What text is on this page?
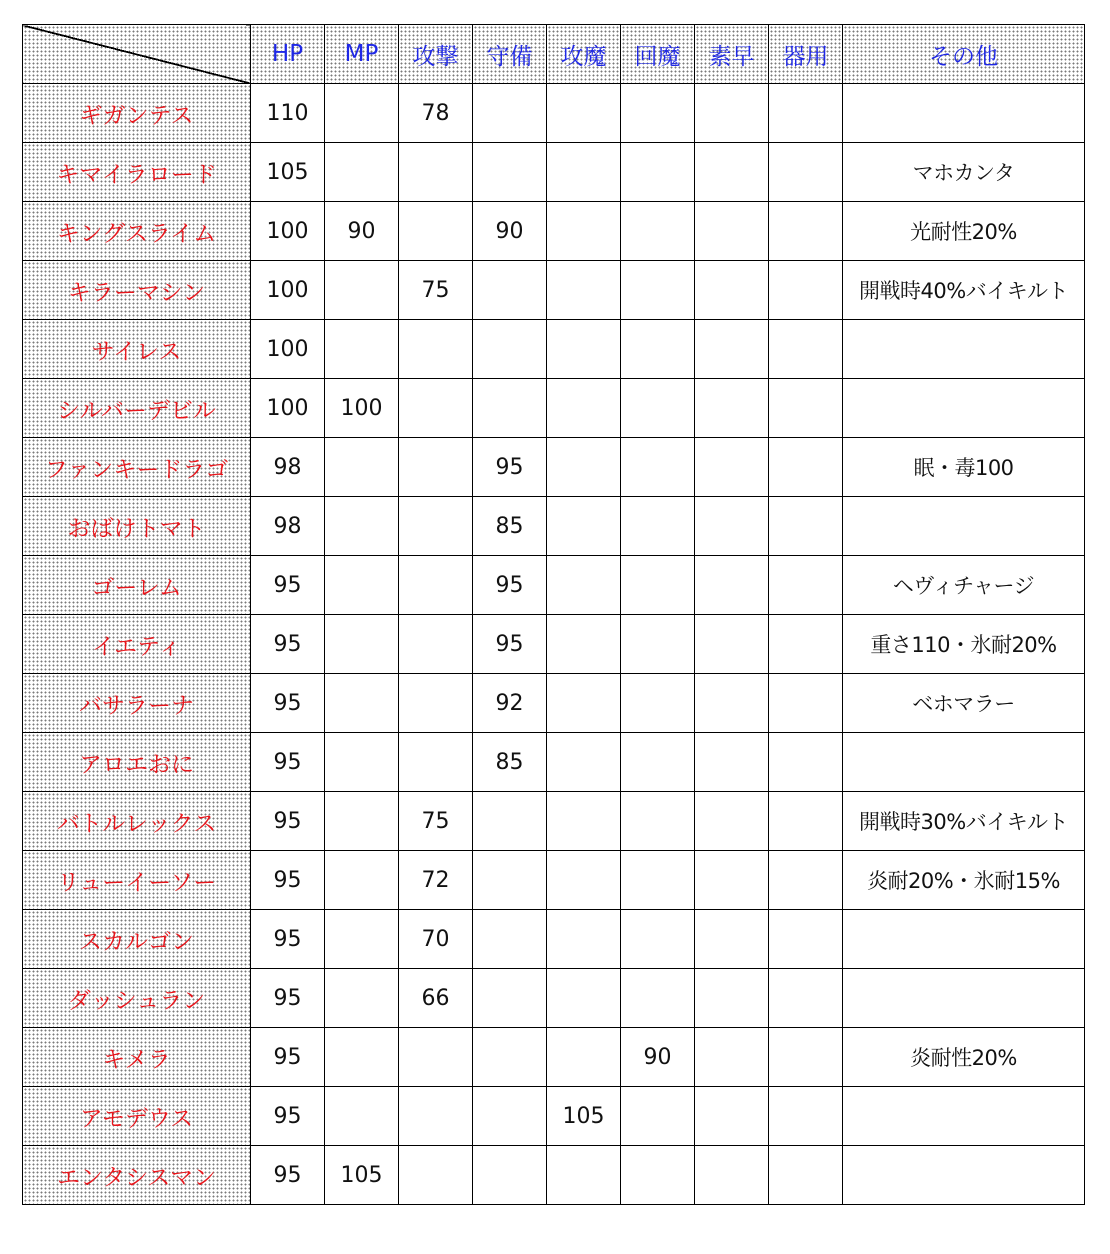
	HP	MP	攻撃	守備	攻魔	回魔	素早	器用	その他
ギガンテス	110		78						
キマイラロード	105								マホカンタ
キングスライム	100	90		90					光耐性20%
キラーマシン	100		75						開戦時40%バイキルト
サイレス	100								
シルバーデビル	100	100							
ファンキードラゴ	98			95					眠・毒100
おばけトマト	98			85					
ゴーレム	95			95					ヘヴィチャージ
イエティ	95			95					重さ110・氷耐20%
バサラーナ	95			92					ベホマラー
アロエおに	95			85					
バトルレックス	95		75						開戦時30%バイキルト
リューイーソー	95		72						炎耐20%・氷耐15%
スカルゴン	95		70						
ダッシュラン	95		66						
キメラ	95					90			炎耐性20%
アモデウス	95				105				
エンタシスマン	95	105							
